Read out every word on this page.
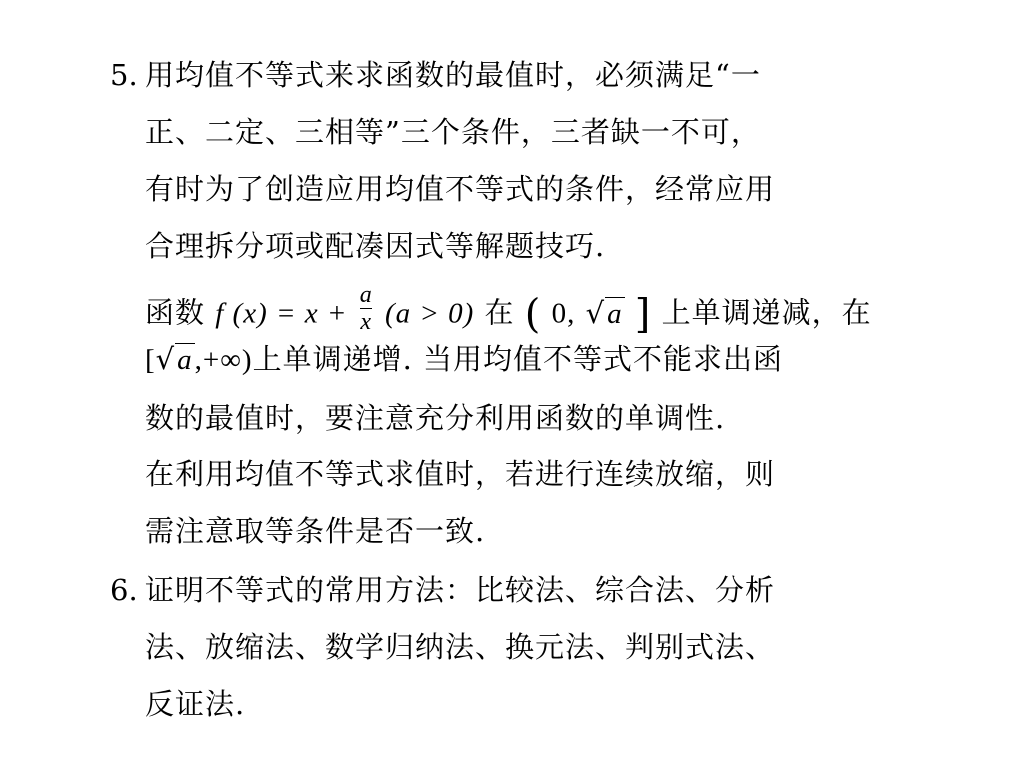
5. 用均值不等式来求函数的最值时，必须满足“一
正、二定、三相等”三个条件，三者缺一不可，
有时为了创造应用均值不等式的条件，经常应用
合理拆分项或配凑因式等解题技巧.
函数 f $(x) = x + \frac{a}{x} (a > 0)$ 在 ( 0, √a ] 上单调递减，在
[√a,+∞)上单调递增. 当用均值不等式不能求出函
数的最值时，要注意充分利用函数的单调性.
在利用均值不等式求值时，若进行连续放缩，则
需注意取等条件是否一致.
6. 证明不等式的常用方法：比较法、综合法、分析
法、放缩法、数学归纳法、换元法、判别式法、
反证法.
